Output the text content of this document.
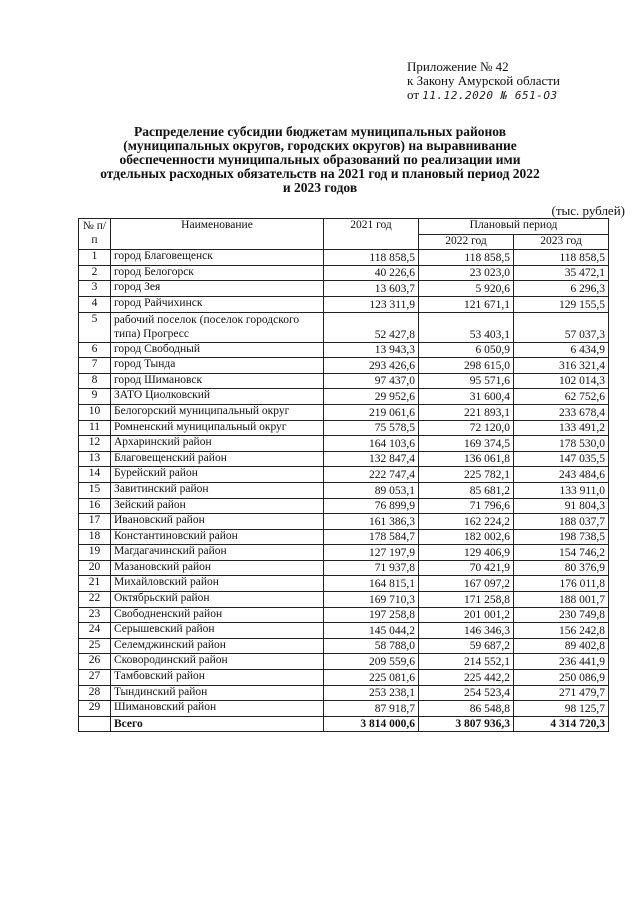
Приложение № 42
к Закону Амурской области
от 11.12.2020 № 651-ОЗ
Распределение субсидии бюджетам муниципальных районов (муниципальных округов, городских округов) на выравнивание обеспеченности муниципальных образований по реализации ими отдельных расходных обязательств на 2021 год и плановый период 2022 и 2023 годов
(тыс. рублей)
№ п/п	Наименование	2021 год	Плановый период	
			2022 год	2023 год
1	город Благовещенск	118 858,5	118 858,5	118 858,5
2	город Белогорск	40 226,6	23 023,0	35 472,1
3	город Зея	13 603,7	5 920,6	6 296,3
4	город Райчихинск	123 311,9	121 671,1	129 155,5
5	рабочий поселок (поселок городского типа) Прогресс	52 427,8	53 403,1	57 037,3
6	город Свободный	13 943,3	6 050,9	6 434,9
7	город Тында	293 426,6	298 615,0	316 321,4
8	город Шимановск	97 437,0	95 571,6	102 014,3
9	ЗАТО Циолковский	29 952,6	31 600,4	62 752,6
10	Белогорский муниципальный округ	219 061,6	221 893,1	233 678,4
11	Ромненский муниципальный округ	75 578,5	72 120,0	133 491,2
12	Архаринский район	164 103,6	169 374,5	178 530,0
13	Благовещенский район	132 847,4	136 061,8	147 035,5
14	Бурейский район	222 747,4	225 782,1	243 484,6
15	Завитинский район	89 053,1	85 681,2	133 911,0
16	Зейский район	76 899,9	71 796,6	91 804,3
17	Ивановский район	161 386,3	162 224,2	188 037,7
18	Константиновский район	178 584,7	182 002,6	198 738,5
19	Магдагачинский район	127 197,9	129 406,9	154 746,2
20	Мазановский район	71 937,8	70 421,9	80 376,9
21	Михайловский район	164 815,1	167 097,2	176 011,8
22	Октябрьский район	169 710,3	171 258,8	188 001,7
23	Свободненский район	197 258,8	201 001,2	230 749,8
24	Серышевский район	145 044,2	146 346,3	156 242,8
25	Селемджинский район	58 788,0	59 687,2	89 402,8
26	Сковородинский район	209 559,6	214 552,1	236 441,9
27	Тамбовский район	225 081,6	225 442,2	250 086,9
28	Тындинский район	253 238,1	254 523,4	271 479,7
29	Шимановский район	87 918,7	86 548,8	98 125,7
	Всего	3 814 000,6	3 807 936,3	4 314 720,3
